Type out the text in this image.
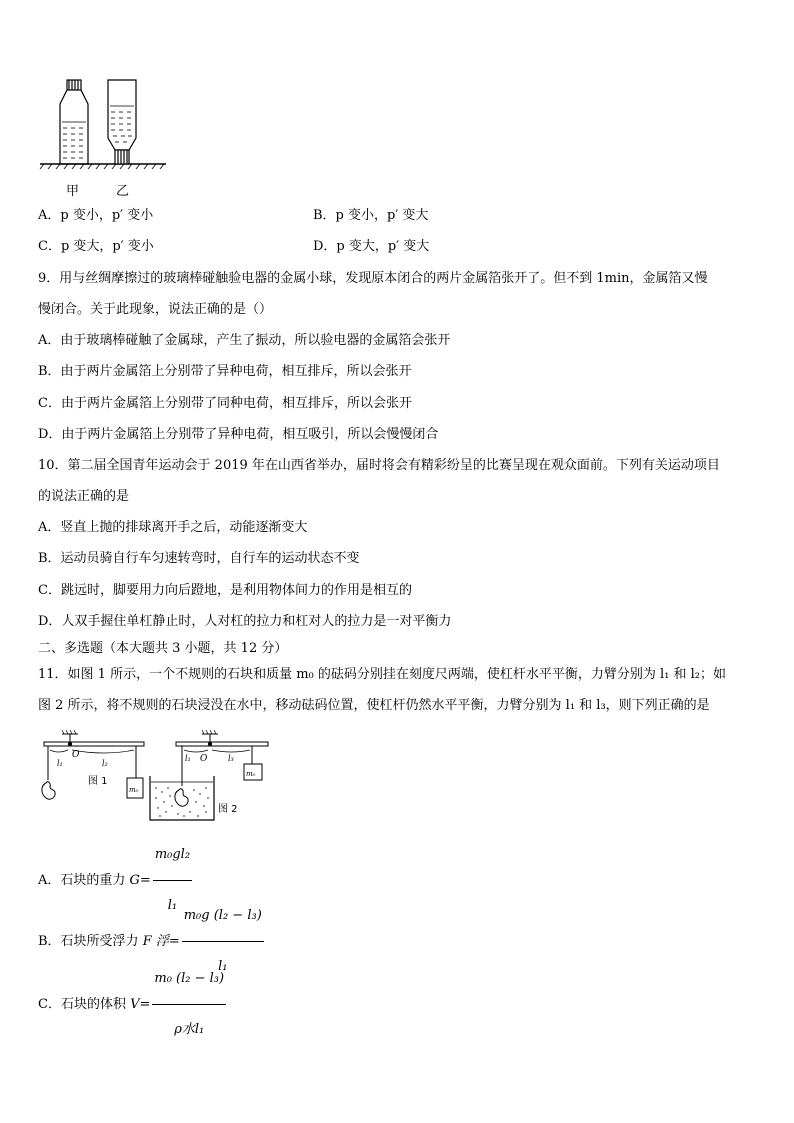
甲	乙
A．p 变小，p′ 变小	B．p 变小，p′ 变大
C．p 变大，p′ 变小	D．p 变大，p′ 变大
9．用与丝绸摩擦过的玻璃棒碰触验电器的金属小球，发现原本闭合的两片金属箔张开了。但不到 1min，金属箔又慢
慢闭合。关于此现象，说法正确的是（）
A．由于玻璃棒碰触了金属球，产生了振动，所以验电器的金属箔会张开
B．由于两片金属箔上分别带了异种电荷，相互排斥，所以会张开
C．由于两片金属箔上分别带了同种电荷，相互排斥，所以会张开
D．由于两片金属箔上分别带了异种电荷，相互吸引，所以会慢慢闭合
10．第二届全国青年运动会于 2019 年在山西省举办，届时将会有精彩纷呈的比赛呈现在观众面前。下列有关运动项目
的说法正确的是
A．竖直上抛的排球离开手之后，动能逐渐变大
B．运动员骑自行车匀速转弯时，自行车的运动状态不变
C．跳远时，脚要用力向后蹬地，是利用物体间力的作用是相互的
D．人双手握住单杠静止时，人对杠的拉力和杠对人的拉力是一对平衡力
二、多选题（本大题共 3 小题，共 12 分）
11．如图 1 所示，一个不规则的石块和质量 m₀ 的砝码分别挂在刻度尺两端，使杠杆水平平衡，力臂分别为 l₁ 和 l₂；如
图 2 所示，将不规则的石块浸没在水中，移动砝码位置，使杠杆仍然水平平衡，力臂分别为 l₁ 和 l₃，则下列正确的是
l₁
O
l₂
m₀
l₁ O	l₃
m₀
图 1
图 2
A．石块的重力 $G= \frac{\text{m₀gl₂}}{\text{l₁}}$
B．石块所受浮力 F 浮= $\frac{\text{m₀g (l₂ − l₃)}}{\text{l₁}}$
C．石块的体积 $V= \frac{\text{m₀ (l₂ − l₃)}}{\text{ρ水l₁}}$
